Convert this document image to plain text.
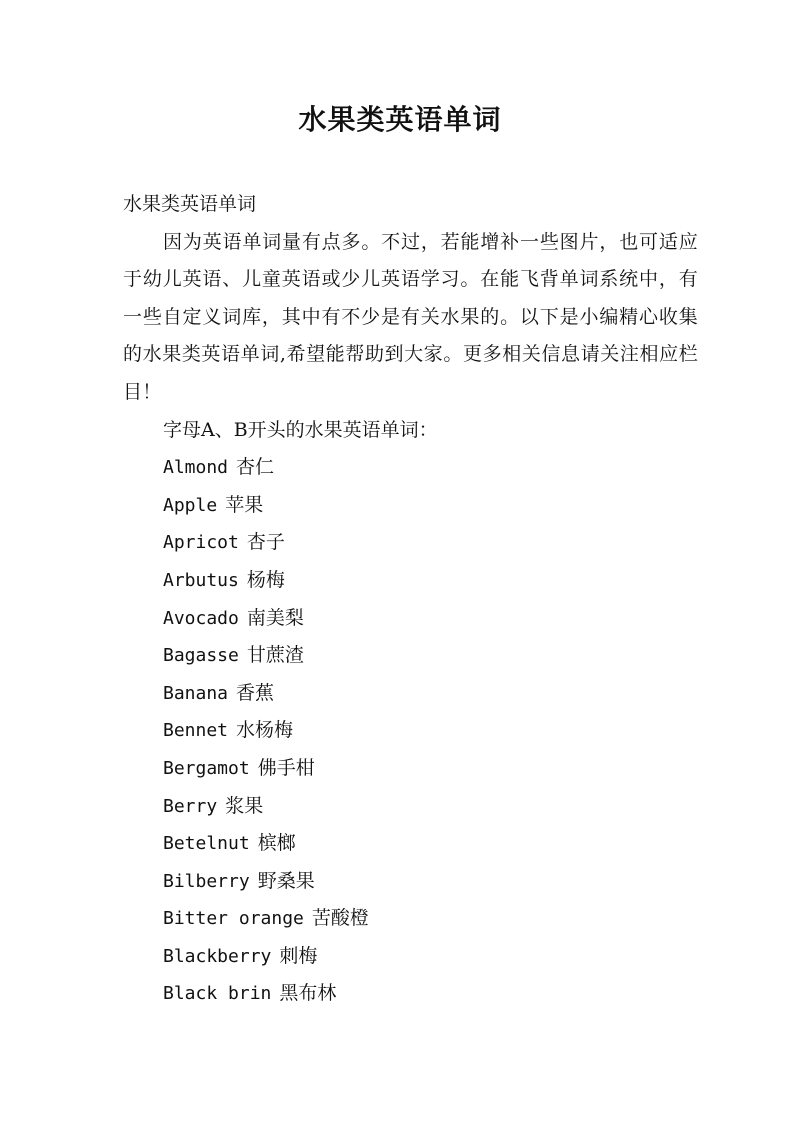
水果类英语单词

水果类英语单词

因为英语单词量有点多。不过，若能增补一些图片，也可适应于幼儿英语、儿童英语或少儿英语学习。在能飞背单词系统中，有一些自定义词库，其中有不少是有关水果的。以下是小编精心收集的水果类英语单词,希望能帮助到大家。更多相关信息请关注相应栏目！

字母A、B开头的水果英语单词：

Almond 杏仁
Apple 苹果
Apricot 杏子
Arbutus 杨梅
Avocado 南美梨
Bagasse 甘蔗渣
Banana 香蕉
Bennet 水杨梅
Bergamot 佛手柑
Berry 浆果
Betelnut 槟榔
Bilberry 野桑果
Bitter orange 苦酸橙
Blackberry 刺梅
Black brin 黑布林
